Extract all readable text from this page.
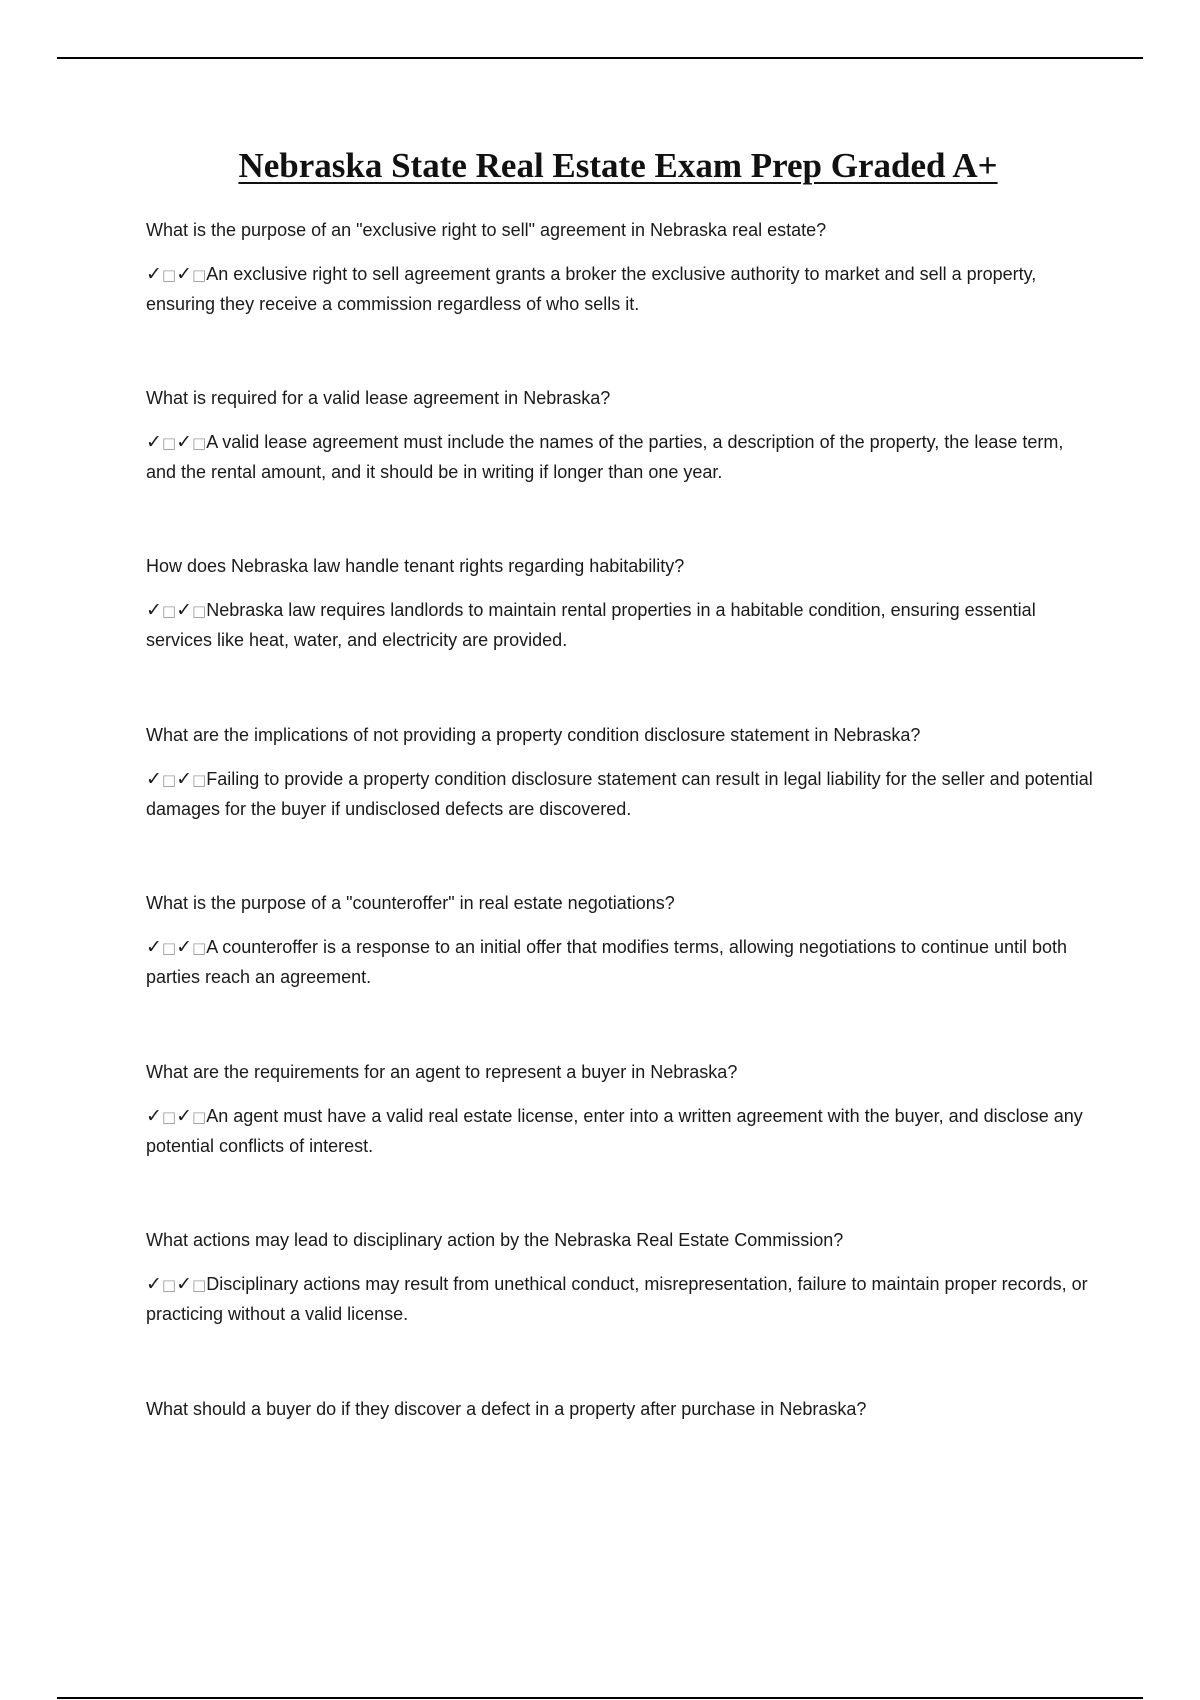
Nebraska State Real Estate Exam Prep Graded A+

What is the purpose of an "exclusive right to sell" agreement in Nebraska real estate?

✓□✓□An exclusive right to sell agreement grants a broker the exclusive authority to market and sell a property, ensuring they receive a commission regardless of who sells it.

What is required for a valid lease agreement in Nebraska?

✓□✓□A valid lease agreement must include the names of the parties, a description of the property, the lease term, and the rental amount, and it should be in writing if longer than one year.

How does Nebraska law handle tenant rights regarding habitability?

✓□✓□Nebraska law requires landlords to maintain rental properties in a habitable condition, ensuring essential services like heat, water, and electricity are provided.

What are the implications of not providing a property condition disclosure statement in Nebraska?

✓□✓□Failing to provide a property condition disclosure statement can result in legal liability for the seller and potential damages for the buyer if undisclosed defects are discovered.

What is the purpose of a "counteroffer" in real estate negotiations?

✓□✓□A counteroffer is a response to an initial offer that modifies terms, allowing negotiations to continue until both parties reach an agreement.

What are the requirements for an agent to represent a buyer in Nebraska?

✓□✓□An agent must have a valid real estate license, enter into a written agreement with the buyer, and disclose any potential conflicts of interest.

What actions may lead to disciplinary action by the Nebraska Real Estate Commission?

✓□✓□Disciplinary actions may result from unethical conduct, misrepresentation, failure to maintain proper records, or practicing without a valid license.

What should a buyer do if they discover a defect in a property after purchase in Nebraska?
